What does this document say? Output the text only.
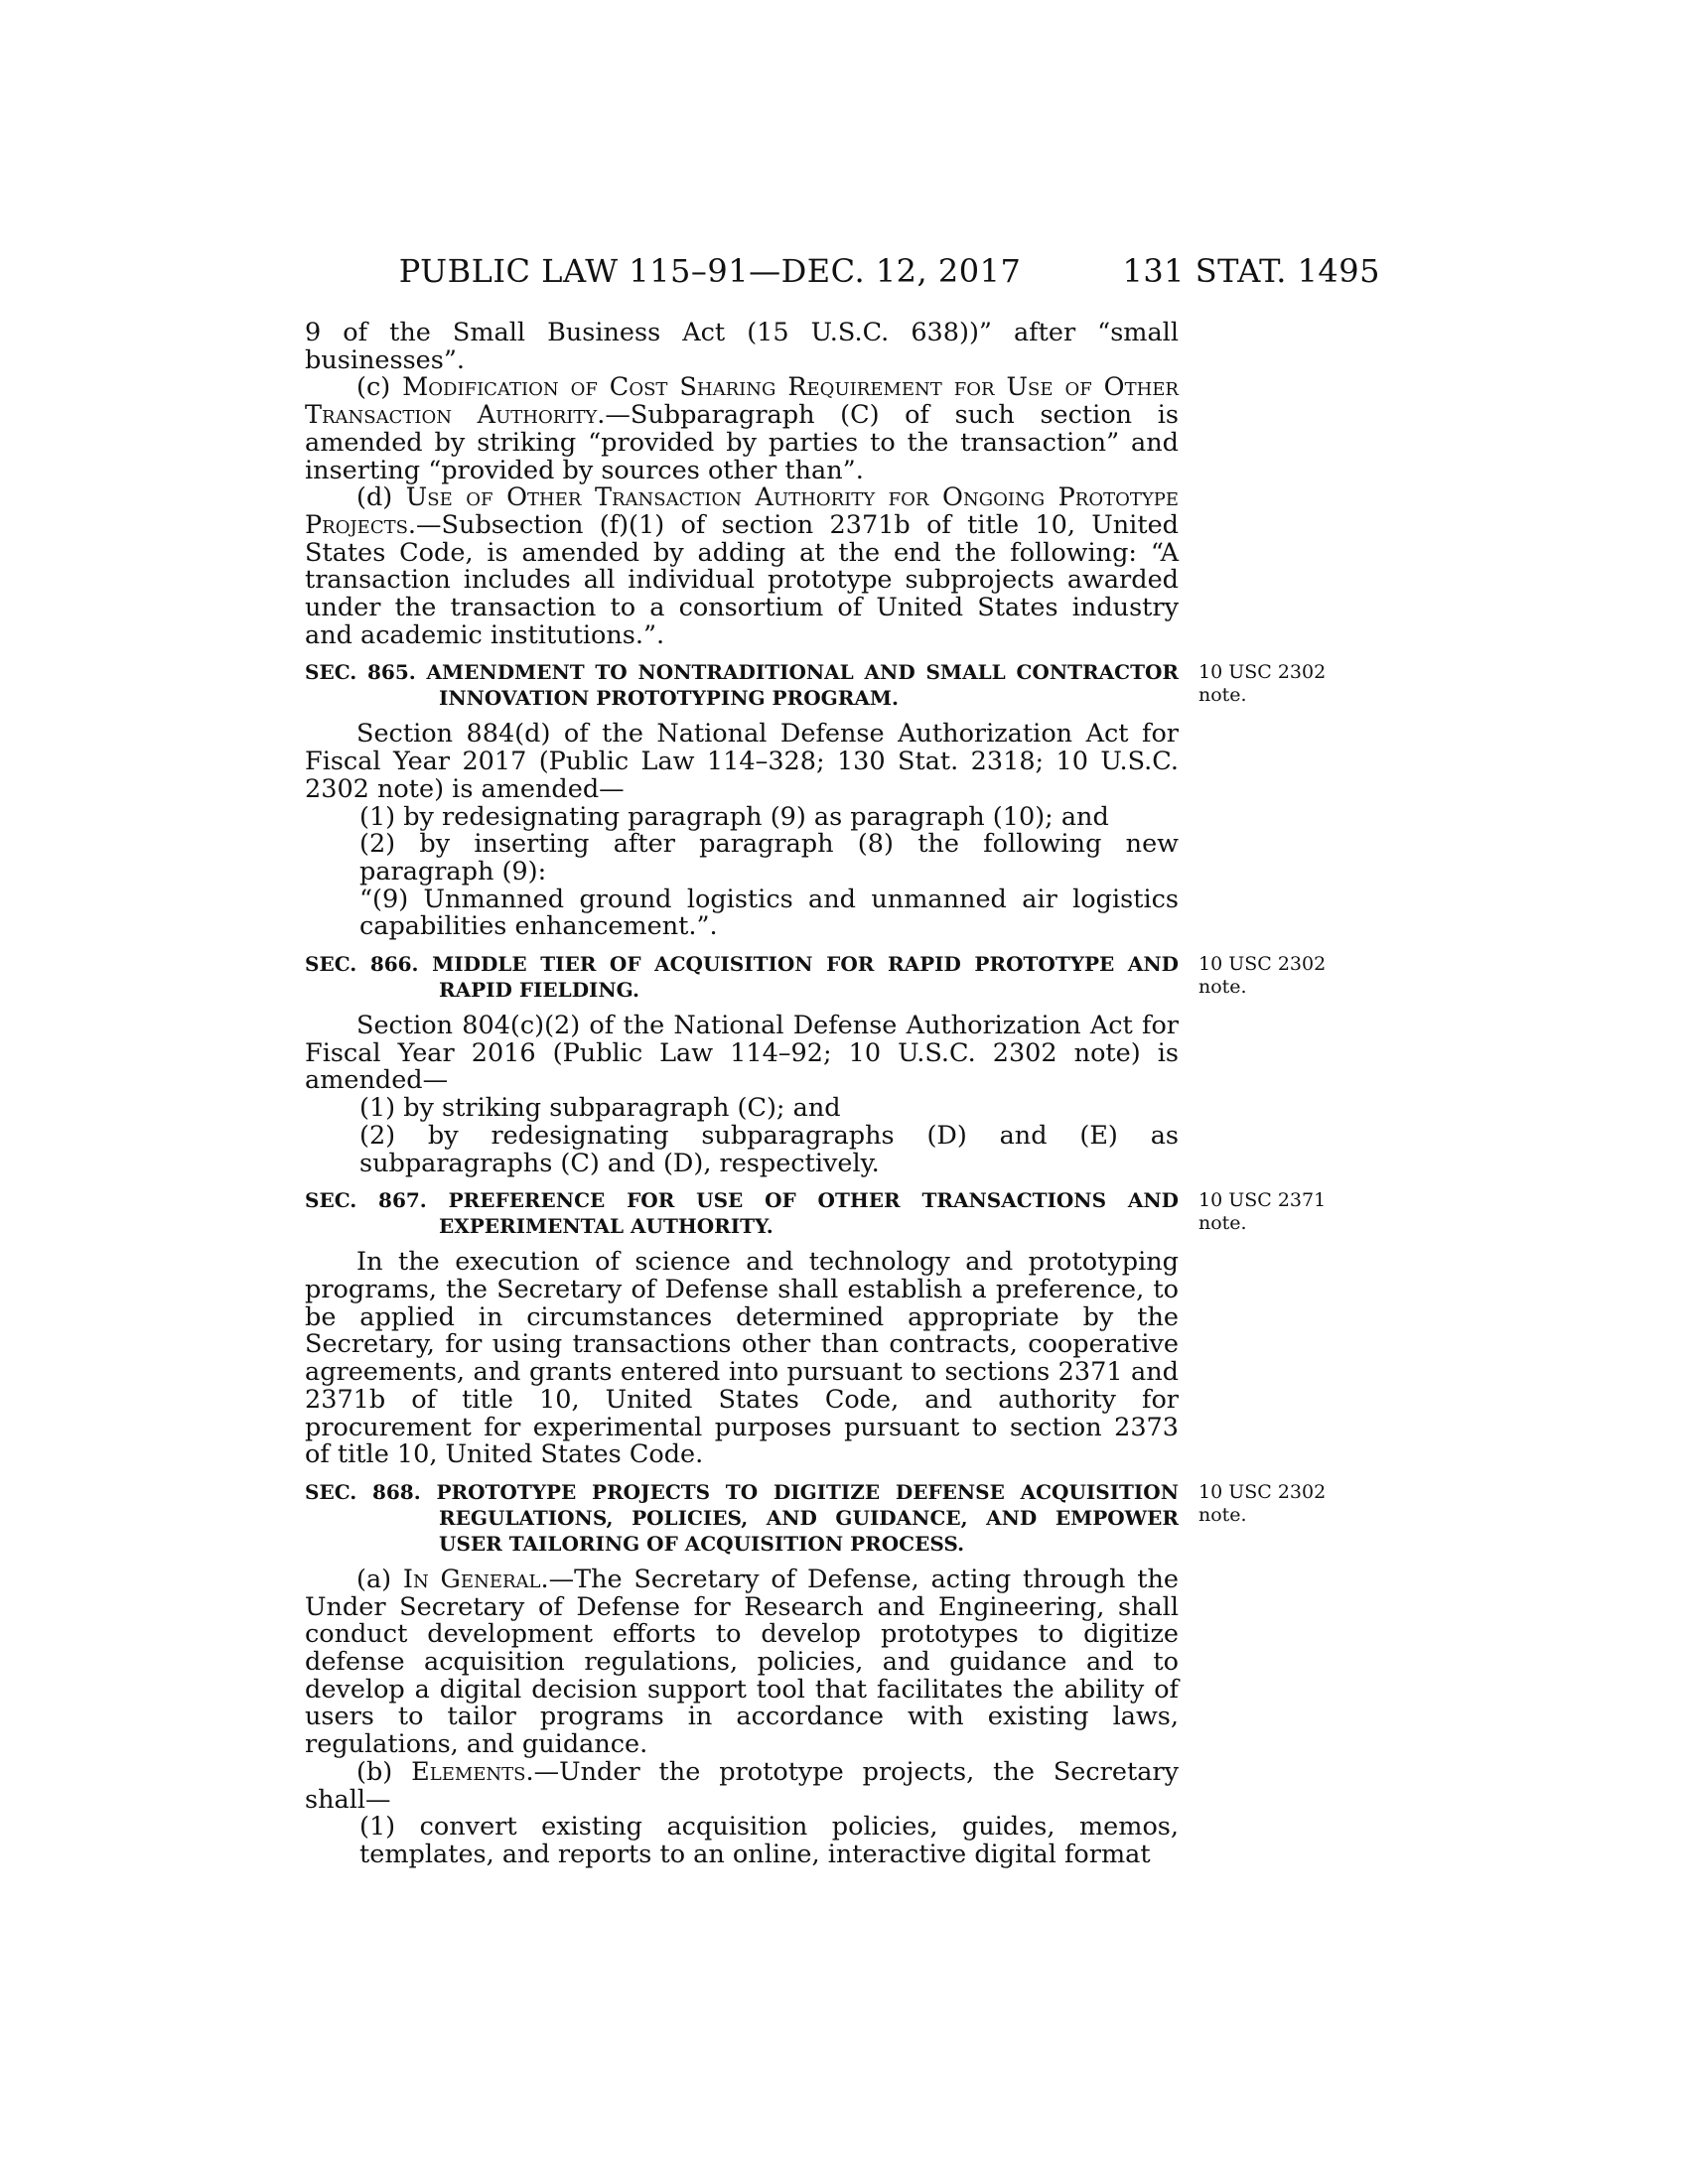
PUBLIC LAW 115–91—DEC. 12, 2017	131 STAT. 1495

9 of the Small Business Act (15 U.S.C. 638))” after “small businesses”.

(c) Modification of Cost Sharing Requirement for Use of Other Transaction Authority.—Subparagraph (C) of such section is amended by striking “provided by parties to the transaction” and inserting “provided by sources other than”.

(d) Use of Other Transaction Authority for Ongoing Prototype Projects.—Subsection (f)(1) of section 2371b of title 10, United States Code, is amended by adding at the end the following: “A transaction includes all individual prototype subprojects awarded under the transaction to a consortium of United States industry and academic institutions.”.

SEC. 865. AMENDMENT TO NONTRADITIONAL AND SMALL CONTRACTOR INNOVATION PROTOTYPING PROGRAM.
10 USC 2302 note.

Section 884(d) of the National Defense Authorization Act for Fiscal Year 2017 (Public Law 114–328; 130 Stat. 2318; 10 U.S.C. 2302 note) is amended—

(1) by redesignating paragraph (9) as paragraph (10); and

(2) by inserting after paragraph (8) the following new paragraph (9):

“(9) Unmanned ground logistics and unmanned air logistics capabilities enhancement.”.

SEC. 866. MIDDLE TIER OF ACQUISITION FOR RAPID PROTOTYPE AND RAPID FIELDING.
10 USC 2302 note.

Section 804(c)(2) of the National Defense Authorization Act for Fiscal Year 2016 (Public Law 114–92; 10 U.S.C. 2302 note) is amended—

(1) by striking subparagraph (C); and

(2) by redesignating subparagraphs (D) and (E) as subparagraphs (C) and (D), respectively.

SEC. 867. PREFERENCE FOR USE OF OTHER TRANSACTIONS AND EXPERIMENTAL AUTHORITY.
10 USC 2371 note.

In the execution of science and technology and prototyping programs, the Secretary of Defense shall establish a preference, to be applied in circumstances determined appropriate by the Secretary, for using transactions other than contracts, cooperative agreements, and grants entered into pursuant to sections 2371 and 2371b of title 10, United States Code, and authority for procurement for experimental purposes pursuant to section 2373 of title 10, United States Code.

SEC. 868. PROTOTYPE PROJECTS TO DIGITIZE DEFENSE ACQUISITION REGULATIONS, POLICIES, AND GUIDANCE, AND EMPOWER USER TAILORING OF ACQUISITION PROCESS.
10 USC 2302 note.

(a) In General.—The Secretary of Defense, acting through the Under Secretary of Defense for Research and Engineering, shall conduct development efforts to develop prototypes to digitize defense acquisition regulations, policies, and guidance and to develop a digital decision support tool that facilitates the ability of users to tailor programs in accordance with existing laws, regulations, and guidance.

(b) Elements.—Under the prototype projects, the Secretary shall—

(1) convert existing acquisition policies, guides, memos, templates, and reports to an online, interactive digital format
